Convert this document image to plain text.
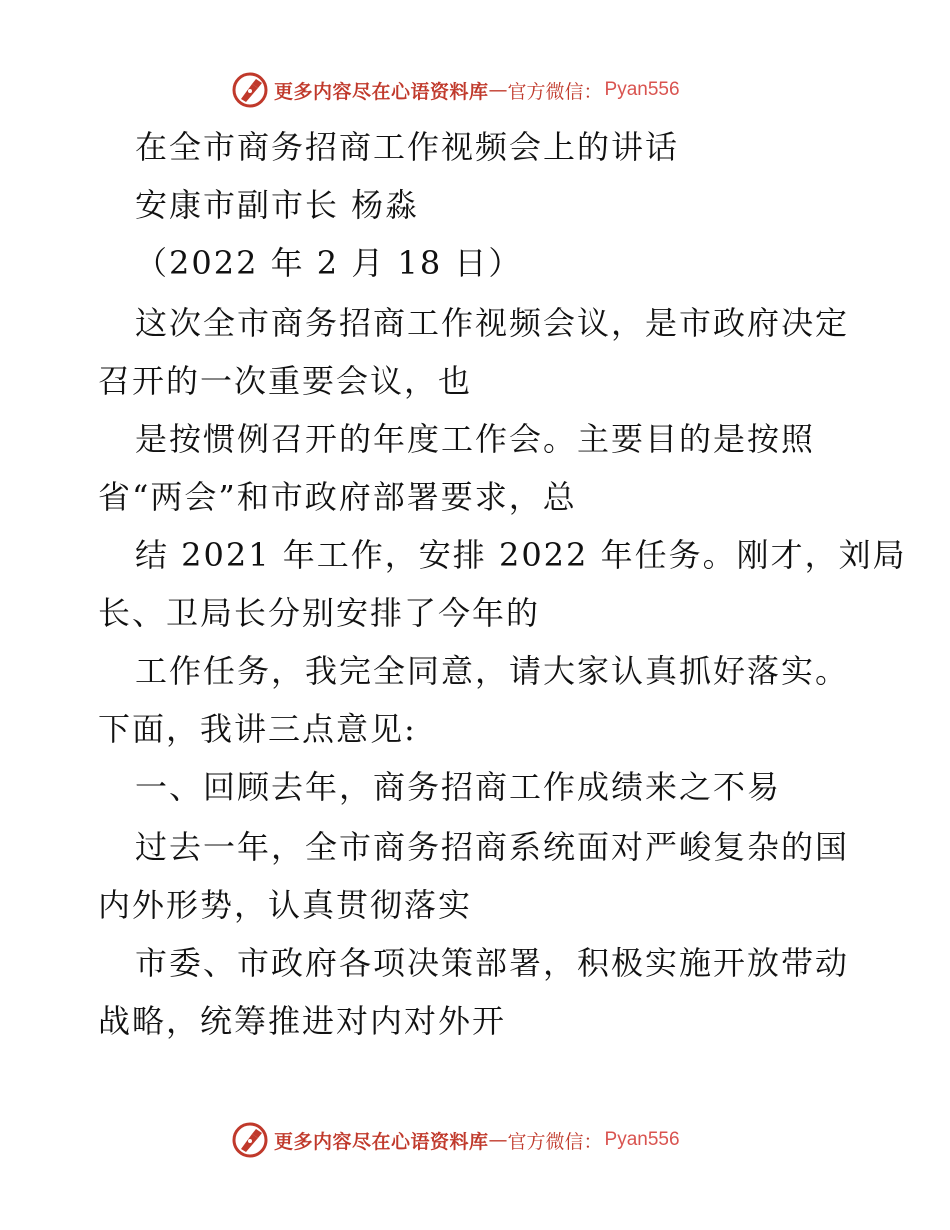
更多内容尽在心语资料库 — 官方微信： Pyan556
在全市商务招商工作视频会上的讲话
安康市副市长 杨淼
（2022 年 2 月 18 日）
这次全市商务招商工作视频会议，是市政府决定
召开的一次重要会议，也
是按惯例召开的年度工作会。主要目的是按照
省“两会”和市政府部署要求，总
结 2021 年工作，安排 2022 年任务。刚才，刘局
长、卫局长分别安排了今年的
工作任务，我完全同意，请大家认真抓好落实。
下面，我讲三点意见:
一、回顾去年，商务招商工作成绩来之不易
过去一年，全市商务招商系统面对严峻复杂的国
内外形势，认真贯彻落实
市委、市政府各项决策部署，积极实施开放带动
战略，统筹推进对内对外开
更多内容尽在心语资料库 — 官方微信： Pyan556
